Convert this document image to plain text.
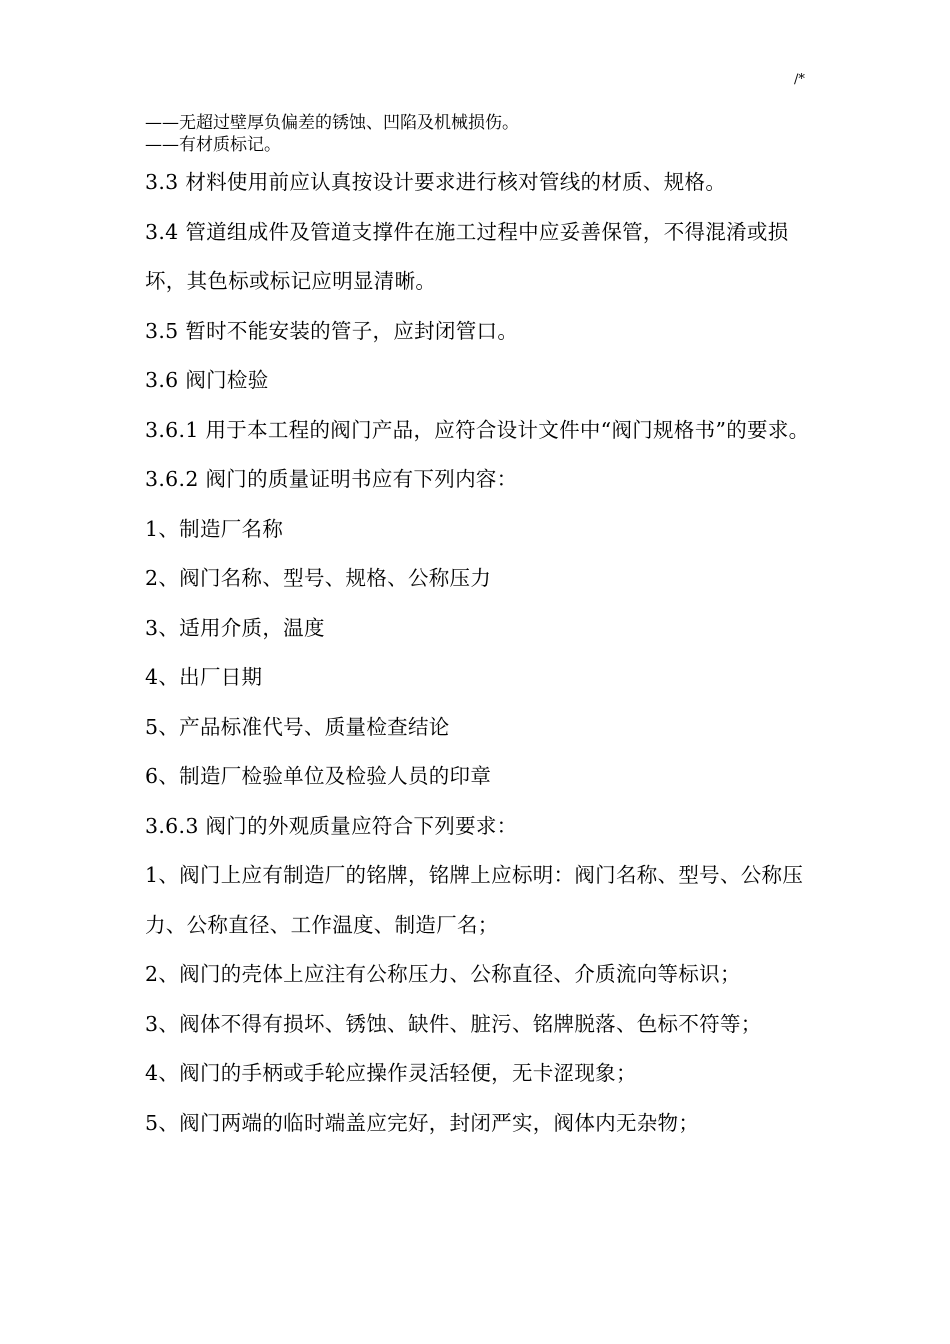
/*

——无超过壁厚负偏差的锈蚀、凹陷及机械损伤。

——有材质标记。

3.3 材料使用前应认真按设计要求进行核对管线的材质、规格。

3.4 管道组成件及管道支撑件在施工过程中应妥善保管，不得混淆或损坏，其色标或标记应明显清晰。

3.5 暂时不能安装的管子，应封闭管口。

3.6 阀门检验

3.6.1 用于本工程的阀门产品，应符合设计文件中“阀门规格书”的要求。

3.6.2 阀门的质量证明书应有下列内容：

1、制造厂名称

2、阀门名称、型号、规格、公称压力

3、适用介质，温度

4、出厂日期

5、产品标准代号、质量检查结论

6、制造厂检验单位及检验人员的印章

3.6.3 阀门的外观质量应符合下列要求：

1、阀门上应有制造厂的铭牌，铭牌上应标明：阀门名称、型号、公称压力、公称直径、工作温度、制造厂名；

2、阀门的壳体上应注有公称压力、公称直径、介质流向等标识；

3、阀体不得有损坏、锈蚀、缺件、脏污、铭牌脱落、色标不符等；

4、阀门的手柄或手轮应操作灵活轻便，无卡涩现象；

5、阀门两端的临时端盖应完好，封闭严实，阀体内无杂物；
